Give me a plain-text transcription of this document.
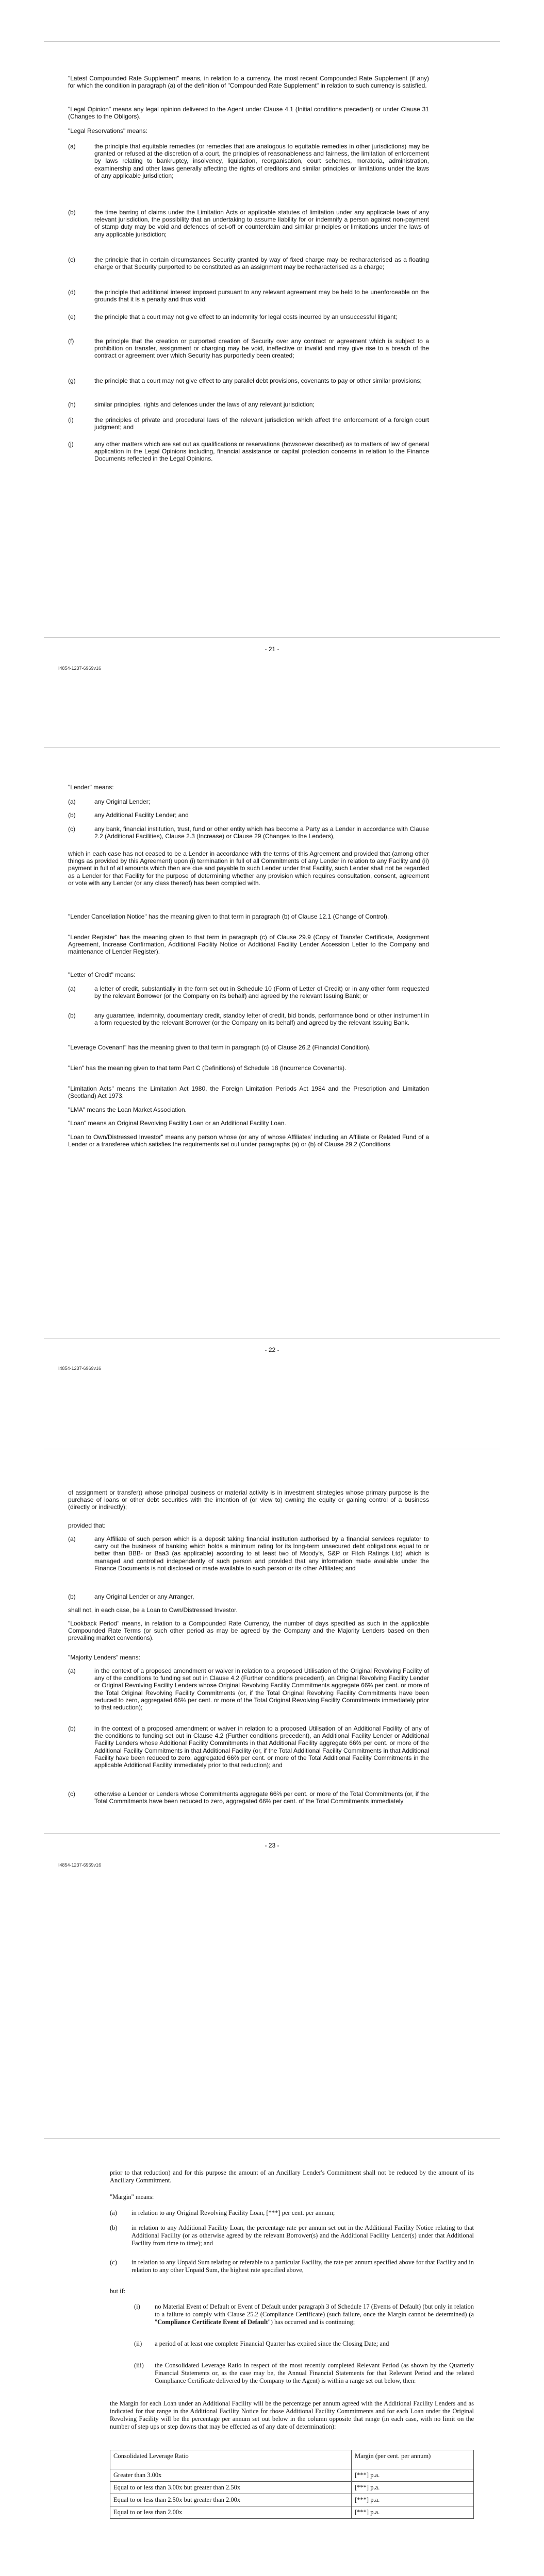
"Latest Compounded Rate Supplement" means, in relation to a currency, the most recent Compounded Rate Supplement (if any) for which the condition in paragraph (a) of the definition of "Compounded Rate Supplement" in relation to such currency is satisfied.

"Legal Opinion" means any legal opinion delivered to the Agent under Clause 4.1 (Initial conditions precedent) or under Clause 31 (Changes to the Obligors).

"Legal Reservations" means:

(a)	the principle that equitable remedies (or remedies that are analogous to equitable remedies in other jurisdictions) may be granted or refused at the discretion of a court, the principles of reasonableness and fairness, the limitation of enforcement by laws relating to bankruptcy, insolvency, liquidation, reorganisation, court schemes, moratoria, administration, examinership and other laws generally affecting the rights of creditors and similar principles or limitations under the laws of any applicable jurisdiction;

(b)	the time barring of claims under the Limitation Acts or applicable statutes of limitation under any applicable laws of any relevant jurisdiction, the possibility that an undertaking to assume liability for or indemnify a person against non-payment of stamp duty may be void and defences of set-off or counterclaim and similar principles or limitations under the laws of any applicable jurisdiction;

(c)	the principle that in certain circumstances Security granted by way of fixed charge may be recharacterised as a floating charge or that Security purported to be constituted as an assignment may be recharacterised as a charge;

(d)	the principle that additional interest imposed pursuant to any relevant agreement may be held to be unenforceable on the grounds that it is a penalty and thus void;

(e)	the principle that a court may not give effect to an indemnity for legal costs incurred by an unsuccessful litigant;

(f)	the principle that the creation or purported creation of Security over any contract or agreement which is subject to a prohibition on transfer, assignment or charging may be void, ineffective or invalid and may give rise to a breach of the contract or agreement over which Security has purportedly been created;

(g)	the principle that a court may not give effect to any parallel debt provisions, covenants to pay or other similar provisions;

(h)	similar principles, rights and defences under the laws of any relevant jurisdiction;

(i)	the principles of private and procedural laws of the relevant jurisdiction which affect the enforcement of a foreign court judgment; and

(j)	any other matters which are set out as qualifications or reservations (howsoever described) as to matters of law of general application in the Legal Opinions including, financial assistance or capital protection concerns in relation to the Finance Documents reflected in the Legal Opinions.

- 21 -
I4854-1237-6969v16

"Lender" means:

(a)	any Original Lender;

(b)	any Additional Facility Lender; and

(c)	any bank, financial institution, trust, fund or other entity which has become a Party as a Lender in accordance with Clause 2.2 (Additional Facilities), Clause 2.3 (Increase) or Clause 29 (Changes to the Lenders),

which in each case has not ceased to be a Lender in accordance with the terms of this Agreement and provided that (among other things as provided by this Agreement) upon (i) termination in full of all Commitments of any Lender in relation to any Facility and (ii) payment in full of all amounts which then are due and payable to such Lender under that Facility, such Lender shall not be regarded as a Lender for that Facility for the purpose of determining whether any provision which requires consultation, consent, agreement or vote with any Lender (or any class thereof) has been complied with.

"Lender Cancellation Notice" has the meaning given to that term in paragraph (b) of Clause 12.1 (Change of Control).

"Lender Register" has the meaning given to that term in paragraph (c) of Clause 29.9 (Copy of Transfer Certificate, Assignment Agreement, Increase Confirmation, Additional Facility Notice or Additional Facility Lender Accession Letter to the Company and maintenance of Lender Register).

"Letter of Credit" means:

(a)	a letter of credit, substantially in the form set out in Schedule 10 (Form of Letter of Credit) or in any other form requested by the relevant Borrower (or the Company on its behalf) and agreed by the relevant Issuing Bank; or

(b)	any guarantee, indemnity, documentary credit, standby letter of credit, bid bonds, performance bond or other instrument in a form requested by the relevant Borrower (or the Company on its behalf) and agreed by the relevant Issuing Bank.

"Leverage Covenant" has the meaning given to that term in paragraph (c) of Clause 26.2 (Financial Condition).

"Lien" has the meaning given to that term Part C (Definitions) of Schedule 18 (Incurrence Covenants).

"Limitation Acts" means the Limitation Act 1980, the Foreign Limitation Periods Act 1984 and the Prescription and Limitation (Scotland) Act 1973.

"LMA" means the Loan Market Association.

"Loan" means an Original Revolving Facility Loan or an Additional Facility Loan.

"Loan to Own/Distressed Investor" means any person whose (or any of whose Affiliates' including an Affiliate or Related Fund of a Lender or a transferee which satisfies the requirements set out under paragraphs (a) or (b) of Clause 29.2 (Conditions

- 22 -
I4854-1237-6969v16

of assignment or transfer)) whose principal business or material activity is in investment strategies whose primary purpose is the purchase of loans or other debt securities with the intention of (or view to) owning the equity or gaining control of a business (directly or indirectly);

provided that:

(a)	any Affiliate of such person which is a deposit taking financial institution authorised by a financial services regulator to carry out the business of banking which holds a minimum rating for its long-term unsecured debt obligations equal to or better than BBB- or Baa3 (as applicable) according to at least two of Moody's, S&P or Fitch Ratings Ltd) which is managed and controlled independently of such person and provided that any information made available under the Finance Documents is not disclosed or made available to such person or its other Affiliates; and

(b)	any Original Lender or any Arranger,

shall not, in each case, be a Loan to Own/Distressed Investor.

"Lookback Period" means, in relation to a Compounded Rate Currency, the number of days specified as such in the applicable Compounded Rate Terms (or such other period as may be agreed by the Company and the Majority Lenders based on then prevailing market conventions).

"Majority Lenders" means:

(a)	in the context of a proposed amendment or waiver in relation to a proposed Utilisation of the Original Revolving Facility of any of the conditions to funding set out in Clause 4.2 (Further conditions precedent), an Original Revolving Facility Lender or Original Revolving Facility Lenders whose Original Revolving Facility Commitments aggregate 66⅔ per cent. or more of the Total Original Revolving Facility Commitments (or, if the Total Original Revolving Facility Commitments have been reduced to zero, aggregated 66⅔ per cent. or more of the Total Original Revolving Facility Commitments immediately prior to that reduction);

(b)	in the context of a proposed amendment or waiver in relation to a proposed Utilisation of an Additional Facility of any of the conditions to funding set out in Clause 4.2 (Further conditions precedent), an Additional Facility Lender or Additional Facility Lenders whose Additional Facility Commitments in that Additional Facility aggregate 66⅔ per cent. or more of the Additional Facility Commitments in that Additional Facility (or, if the Total Additional Facility Commitments in that Additional Facility have been reduced to zero, aggregated 66⅔ per cent. or more of the Total Additional Facility Commitments in the applicable Additional Facility immediately prior to that reduction); and

(c)	otherwise a Lender or Lenders whose Commitments aggregate 66⅔ per cent. or more of the Total Commitments (or, if the Total Commitments have been reduced to zero, aggregated 66⅔ per cent. of the Total Commitments immediately

- 23 -
I4854-1237-6969v16

prior to that reduction) and for this purpose the amount of an Ancillary Lender's Commitment shall not be reduced by the amount of its Ancillary Commitment.

"Margin" means:

(a) in relation to any Original Revolving Facility Loan, [***] per cent. per annum;

(b) in relation to any Additional Facility Loan, the percentage rate per annum set out in the Additional Facility Notice relating to that Additional Facility (or as otherwise agreed by the relevant Borrower(s) and the Additional Facility Lender(s) under that Additional Facility from time to time); and

(c) in relation to any Unpaid Sum relating or referable to a particular Facility, the rate per annum specified above for that Facility and in relation to any other Unpaid Sum, the highest rate specified above,

but if:

(i) no Material Event of Default or Event of Default under paragraph 3 of Schedule 17 (Events of Default) (but only in relation to a failure to comply with Clause 25.2 (Compliance Certificate) (such failure, once the Margin cannot be determined) (a "Compliance Certificate Event of Default") has occurred and is continuing;

(ii) a period of at least one complete Financial Quarter has expired since the Closing Date; and

(iii) the Consolidated Leverage Ratio in respect of the most recently completed Relevant Period (as shown by the Quarterly Financial Statements or, as the case may be, the Annual Financial Statements for that Relevant Period and the related Compliance Certificate delivered by the Company to the Agent) is within a range set out below, then:

the Margin for each Loan under an Additional Facility will be the percentage per annum agreed with the Additional Facility Lenders and as indicated for that range in the Additional Facility Notice for those Additional Facility Commitments and for each Loan under the Original Revolving Facility will be the percentage per annum set out below in the column opposite that range (in each case, with no limit on the number of step ups or step downs that may be effected as of any date of determination):

Consolidated Leverage Ratio	Margin (per cent. per annum)
Greater than 3.00x	[***] p.a.
Equal to or less than 3.00x but greater than 2.50x	[***] p.a.
Equal to or less than 2.50x but greater than 2.00x	[***] p.a.
Equal to or less than 2.00x	[***] p.a.
